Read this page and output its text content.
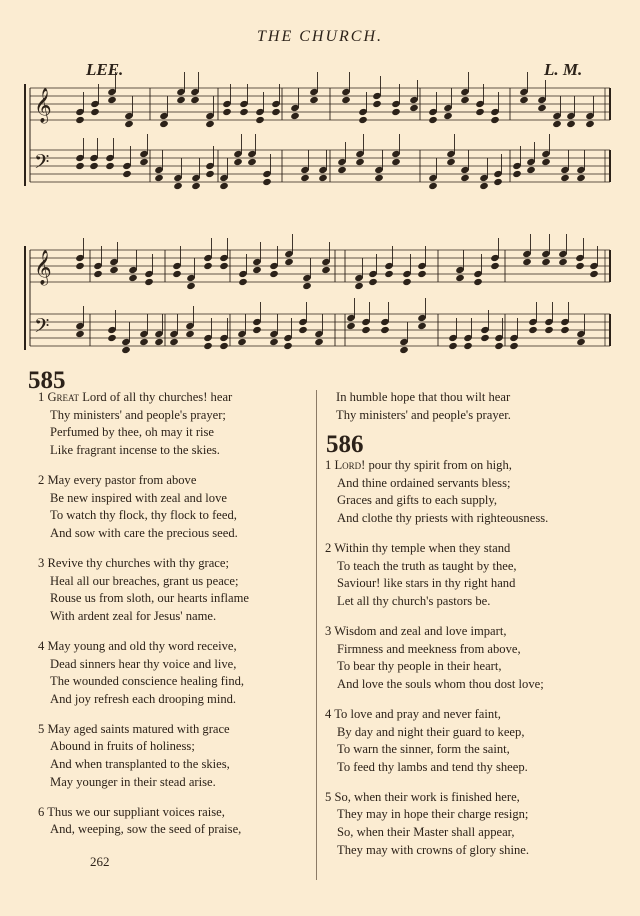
THE CHURCH.
LEE.	L. M.
𝄞
𝄢
𝄞
𝄢
585
1 Great Lord of all thy churches! hear
Thy ministers' and people's prayer;
Perfumed by thee, oh may it rise
Like fragrant incense to the skies.
2 May every pastor from above
Be new inspired with zeal and love
To watch thy flock, thy flock to feed,
And sow with care the precious seed.
3 Revive thy churches with thy grace;
Heal all our breaches, grant us peace;
Rouse us from sloth, our hearts inflame
With ardent zeal for Jesus' name.
4 May young and old thy word receive,
Dead sinners hear thy voice and live,
The wounded conscience healing find,
And joy refresh each drooping mind.
5 May aged saints matured with grace
Abound in fruits of holiness;
And when transplanted to the skies,
May younger in their stead arise.
6 Thus we our suppliant voices raise,
And, weeping, sow the seed of praise,
262
In humble hope that thou wilt hear
Thy ministers' and people's prayer.
586
1 Lord! pour thy spirit from on high,
And thine ordained servants bless;
Graces and gifts to each supply,
And clothe thy priests with righteousness.
2 Within thy temple when they stand
To teach the truth as taught by thee,
Saviour! like stars in thy right hand
Let all thy church's pastors be.
3 Wisdom and zeal and love impart,
Firmness and meekness from above,
To bear thy people in their heart,
And love the souls whom thou dost love;
4 To love and pray and never faint,
By day and night their guard to keep,
To warn the sinner, form the saint,
To feed thy lambs and tend thy sheep.
5 So, when their work is finished here,
They may in hope their charge resign;
So, when their Master shall appear,
They may with crowns of glory shine.
